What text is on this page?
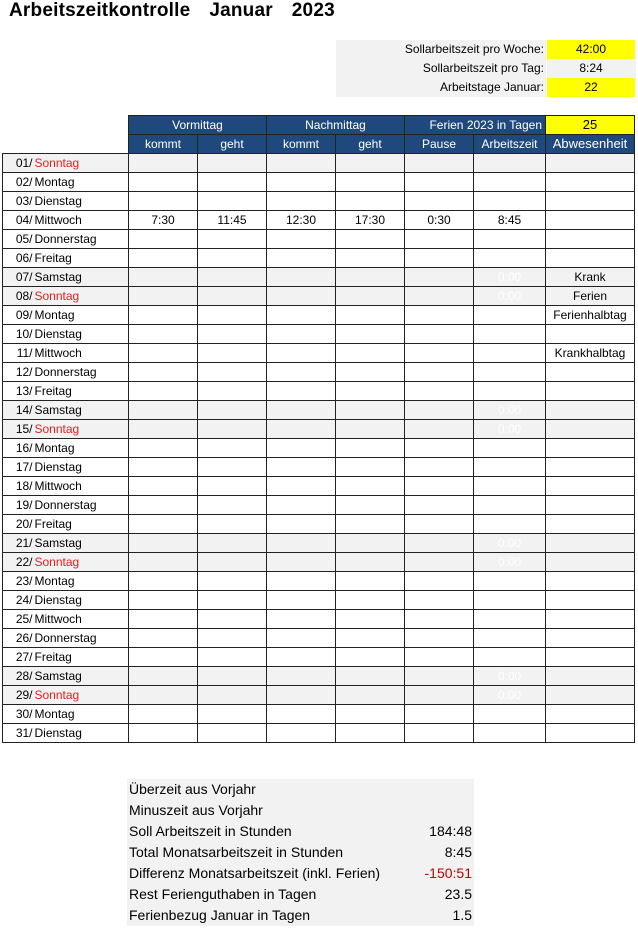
Arbeitszeitkontrolle  Januar  2023
Sollarbeitszeit pro Woche:	42:00
Sollarbeitszeit pro Tag:	8:24
Arbeitstage Januar:	22
		Vormittag		Nachmittag		Ferien 2023 in Tagen		25
		kommt	geht	kommt	geht	Pause	Arbeitszeit	Abwesenheit
01/	Sonntag							
02/	Montag							
03/	Dienstag							
04/	Mittwoch	7:30	11:45	12:30	17:30	0:30	8:45	
05/	Donnerstag							
06/	Freitag							
07/	Samstag						0:00	Krank
08/	Sonntag						0:00	Ferien
09/	Montag							Ferienhalbtag
10/	Dienstag							
11/	Mittwoch							Krankhalbtag
12/	Donnerstag							
13/	Freitag							
14/	Samstag						0:00	
15/	Sonntag						0:00	
16/	Montag							
17/	Dienstag							
18/	Mittwoch							
19/	Donnerstag							
20/	Freitag							
21/	Samstag						0:00	
22/	Sonntag						0:00	
23/	Montag							
24/	Dienstag							
25/	Mittwoch							
26/	Donnerstag							
27/	Freitag							
28/	Samstag						0:00	
29/	Sonntag						0:00	
30/	Montag							
31/	Dienstag							
Überzeit aus Vorjahr
Minuszeit aus Vorjahr
Soll Arbeitszeit in Stunden	184:48
Total Monatsarbeitszeit in Stunden	8:45
Differenz Monatsarbeitszeit (inkl. Ferien)	-150:51
Rest Ferienguthaben in Tagen	23.5
Ferienbezug Januar in Tagen	1.5
